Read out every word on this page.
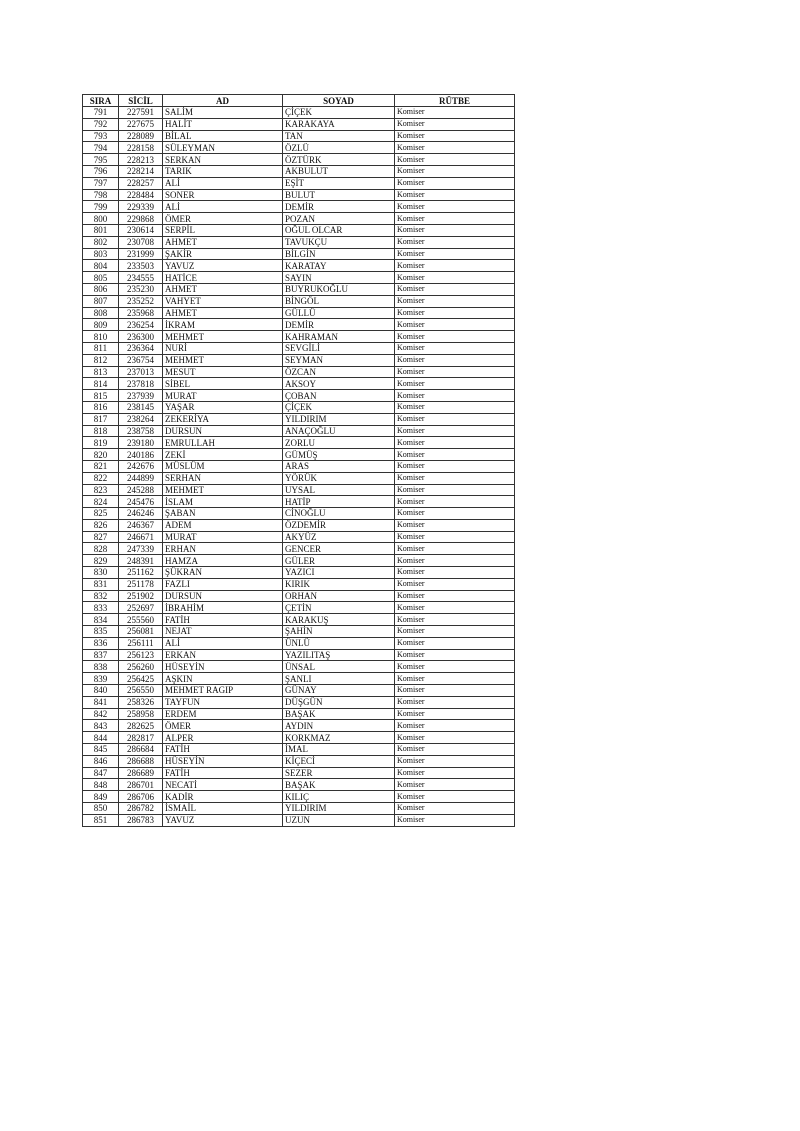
SIRA	SİCİL	AD	SOYAD	RÜTBE
791	227591	SALİM	ÇİÇEK	Komiser
792	227675	HALİT	KARAKAYA	Komiser
793	228089	BİLAL	TAN	Komiser
794	228158	SÜLEYMAN	ÖZLÜ	Komiser
795	228213	SERKAN	ÖZTÜRK	Komiser
796	228214	TARIK	AKBULUT	Komiser
797	228257	ALİ	EŞİT	Komiser
798	228484	SONER	BULUT	Komiser
799	229339	ALİ	DEMİR	Komiser
800	229868	ÖMER	POZAN	Komiser
801	230614	SERPİL	OĞUL OLCAR	Komiser
802	230708	AHMET	TAVUKÇU	Komiser
803	231999	ŞAKİR	BİLGİN	Komiser
804	233503	YAVUZ	KARATAY	Komiser
805	234555	HATİCE	SAYIN	Komiser
806	235230	AHMET	BUYRUKOĞLU	Komiser
807	235252	VAHYET	BİNGÖL	Komiser
808	235968	AHMET	GÜLLÜ	Komiser
809	236254	İKRAM	DEMİR	Komiser
810	236300	MEHMET	KAHRAMAN	Komiser
811	236364	NURİ	SEVGİLİ	Komiser
812	236754	MEHMET	SEYMAN	Komiser
813	237013	MESUT	ÖZCAN	Komiser
814	237818	SİBEL	AKSOY	Komiser
815	237939	MURAT	ÇOBAN	Komiser
816	238145	YAŞAR	ÇİÇEK	Komiser
817	238264	ZEKERİYA	YILDIRIM	Komiser
818	238758	DURSUN	ANAÇOĞLU	Komiser
819	239180	EMRULLAH	ZORLU	Komiser
820	240186	ZEKİ	GÜMÜŞ	Komiser
821	242676	MÜSLÜM	ARAS	Komiser
822	244899	SERHAN	YÖRÜK	Komiser
823	245288	MEHMET	UYSAL	Komiser
824	245476	İSLAM	HATİP	Komiser
825	246246	ŞABAN	CİNOĞLU	Komiser
826	246367	ADEM	ÖZDEMİR	Komiser
827	246671	MURAT	AKYÜZ	Komiser
828	247339	ERHAN	GENCER	Komiser
829	248391	HAMZA	GÜLER	Komiser
830	251162	ŞÜKRAN	YAZICI	Komiser
831	251178	FAZLI	KIRIK	Komiser
832	251902	DURSUN	ORHAN	Komiser
833	252697	İBRAHİM	ÇETİN	Komiser
834	255560	FATİH	KARAKUŞ	Komiser
835	256081	NEJAT	ŞAHİN	Komiser
836	256111	ALİ	ÜNLÜ	Komiser
837	256123	ERKAN	YAZILITAŞ	Komiser
838	256260	HÜSEYİN	ÜNSAL	Komiser
839	256425	AŞKIN	ŞANLI	Komiser
840	256550	MEHMET RAGIP	GÜNAY	Komiser
841	258326	TAYFUN	DÜŞGÜN	Komiser
842	258958	ERDEM	BAŞAK	Komiser
843	282625	ÖMER	AYDIN	Komiser
844	282817	ALPER	KORKMAZ	Komiser
845	286684	FATİH	İMAL	Komiser
846	286688	HÜSEYİN	KİÇECİ	Komiser
847	286689	FATİH	SEZER	Komiser
848	286701	NECATİ	BAŞAK	Komiser
849	286706	KADİR	KILIÇ	Komiser
850	286782	İSMAİL	YILDIRIM	Komiser
851	286783	YAVUZ	UZUN	Komiser
